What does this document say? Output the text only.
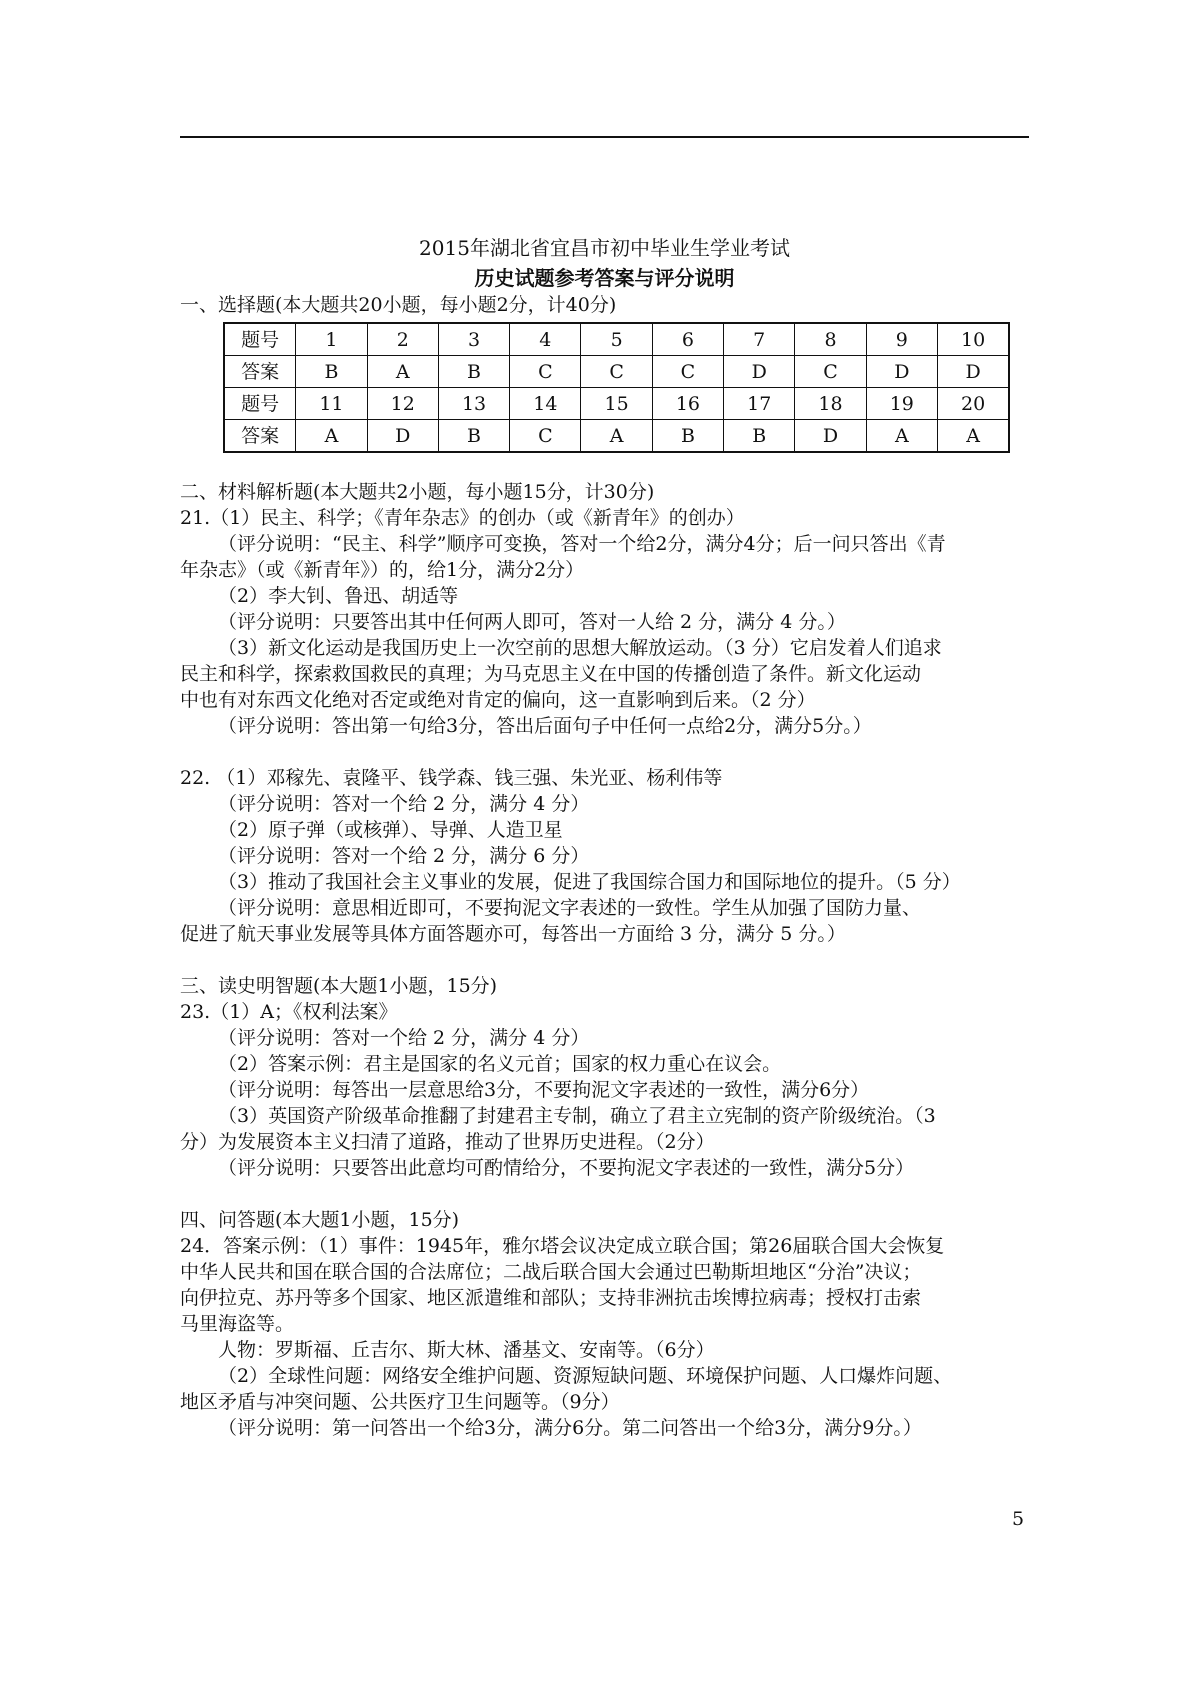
2015年湖北省宜昌市初中毕业生学业考试
历史试题参考答案与评分说明
一、选择题(本大题共20小题，每小题2分，计40分)
题号	1	2	3	4	5	6	7	8	9	10
答案	B	A	B	C	C	C	D	C	D	D
题号	11	12	13	14	15	16	17	18	19	20
答案	A	D	B	C	A	B	B	D	A	A
二、材料解析题(本大题共2小题，每小题15分，计30分)
21.（1）民主、科学；《青年杂志》的创办（或《新青年》的创办）
（评分说明：“民主、科学”顺序可变换，答对一个给2分，满分4分；后一问只答出《青
年杂志》（或《新青年》）的，给1分，满分2分）
（2）李大钊、鲁迅、胡适等
（评分说明：只要答出其中任何两人即可，答对一人给 2 分，满分 4 分。）
（3）新文化运动是我国历史上一次空前的思想大解放运动。（3 分）它启发着人们追求
民主和科学，探索救国救民的真理；为马克思主义在中国的传播创造了条件。新文化运动
中也有对东西文化绝对否定或绝对肯定的偏向，这一直影响到后来。（2 分）
（评分说明：答出第一句给3分，答出后面句子中任何一点给2分，满分5分。）
22. （1）邓稼先、袁隆平、钱学森、钱三强、朱光亚、杨利伟等
（评分说明：答对一个给 2 分，满分 4 分）
（2）原子弹（或核弹）、导弹、人造卫星
（评分说明：答对一个给 2 分，满分 6 分）
（3）推动了我国社会主义事业的发展，促进了我国综合国力和国际地位的提升。（5 分）
（评分说明：意思相近即可，不要拘泥文字表述的一致性。学生从加强了国防力量、
促进了航天事业发展等具体方面答题亦可，每答出一方面给 3 分，满分 5 分。）
三、读史明智题(本大题1小题，15分)
23.（1）A；《权利法案》
（评分说明：答对一个给 2 分，满分 4 分）
（2）答案示例：君主是国家的名义元首；国家的权力重心在议会。
（评分说明：每答出一层意思给3分，不要拘泥文字表述的一致性，满分6分）
（3）英国资产阶级革命推翻了封建君主专制，确立了君主立宪制的资产阶级统治。（3
分）为发展资本主义扫清了道路，推动了世界历史进程。（2分）
（评分说明：只要答出此意均可酌情给分，不要拘泥文字表述的一致性，满分5分）
四、问答题(本大题1小题，15分)
24．答案示例：（1）事件：1945年，雅尔塔会议决定成立联合国；第26届联合国大会恢复
中华人民共和国在联合国的合法席位；二战后联合国大会通过巴勒斯坦地区“分治”决议；
向伊拉克、苏丹等多个国家、地区派遣维和部队；支持非洲抗击埃博拉病毒；授权打击索
马里海盗等。
人物：罗斯福、丘吉尔、斯大林、潘基文、安南等。（6分）
（2）全球性问题：网络安全维护问题、资源短缺问题、环境保护问题、人口爆炸问题、
地区矛盾与冲突问题、公共医疗卫生问题等。（9分）
（评分说明：第一问答出一个给3分，满分6分。第二问答出一个给3分，满分9分。）
5
